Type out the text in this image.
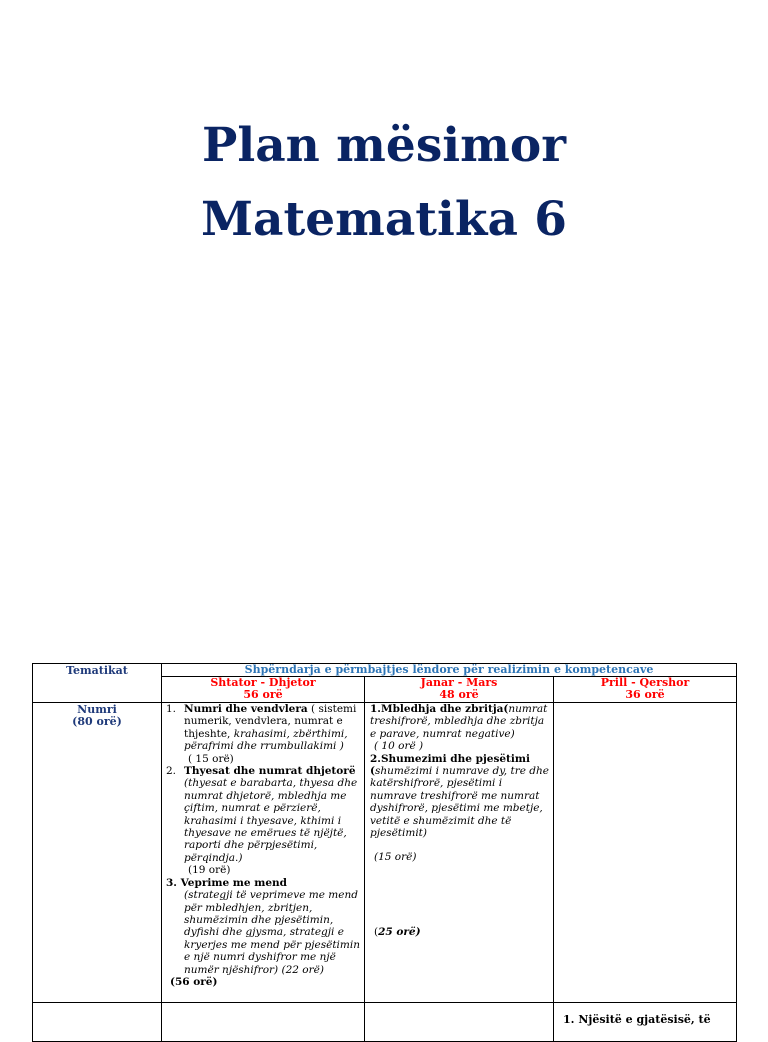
Plan mësimor
Matematika 6
Tematikat	Shpërndarja e përmbajtjes lëndore për realizimin e kompetencave
Shtator - Dhjetor
56 orë
Janar - Mars
48 orë
Prill - Qershor
36 orë
Numri
(80 orë)
1. Numri dhe vendvlera ( sistemi numerik, vendvlera, numrat e thjeshte, krahasimi, zbërthimi, përafrimi dhe rrumbullakimi )
( 15 orë)
2. Thyesat dhe numrat dhjetorë
(thyesat e barabarta, thyesa dhe numrat dhjetorë, mbledhja me çiftim, numrat e përzierë, krahasimi i thyesave, kthimi i thyesave ne emërues të njëjtë, raporti dhe përpjesëtimi, përqindja.)
(19 orë)
3. Veprime me mend
(strategji të veprimeve me mend për mbledhjen, zbritjen, shumëzimin dhe pjesëtimin, dyfishi dhe gjysma, strategji e kryerjes me mend për pjesëtimin e një numri dyshifror me një numër njëshifror) (22 orë)
(56 orë)
1.Mbledhja dhe zbritja(numrat treshifrorë, mbledhja dhe zbritja e parave, numrat negative)
( 10 orë )
2.Shumezimi dhe pjesëtimi (shumëzimi i numrave dy, tre dhe katërshifrorë, pjesëtimi i numrave treshifrorë me numrat dyshifrorë, pjesëtimi me mbetje, vetitë e shumëzimit dhe të pjesëtimit)
(15 orë)
(25 orë)
1. Njësitë e gjatësisë, të
